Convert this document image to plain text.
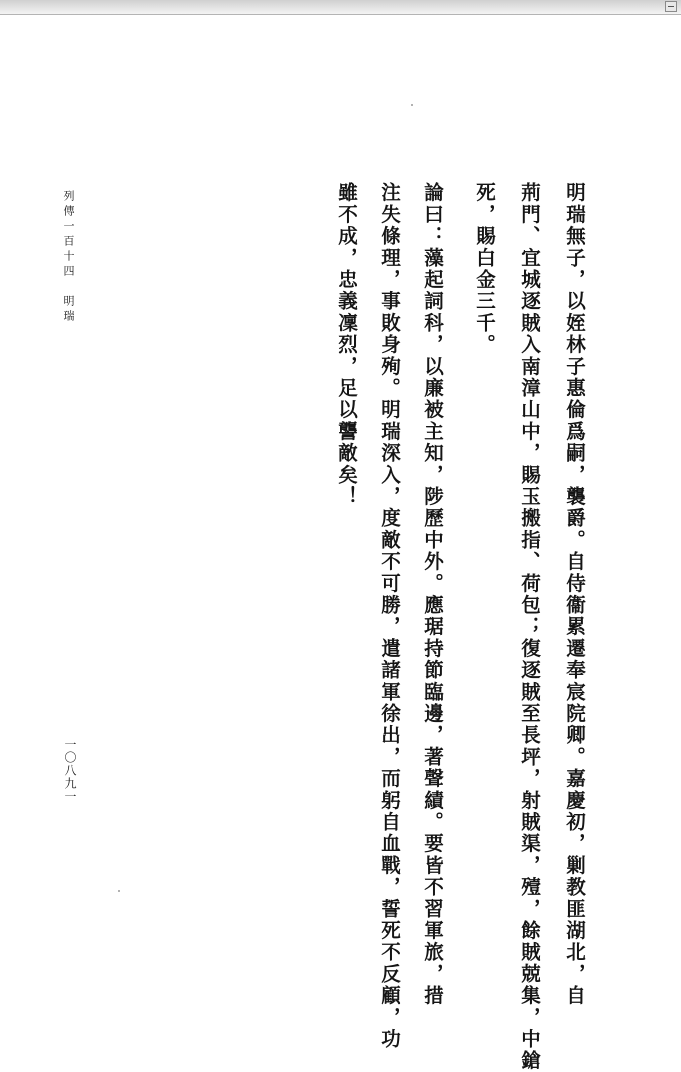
明瑞無子，以姪林子惠倫爲嗣，襲爵。自侍衞累遷奉宸院卿。嘉慶初，剿教匪湖北，自
荊門、宜城逐賊入南漳山中，賜玉搬指、荷包；復逐賊至長坪，射賊渠，殪，餘賊兢集，中鎗
死，賜白金三千。
論曰：藻起詞科，以廉被主知，陟歷中外。應琚持節臨邊，著聲績。要皆不習軍旅，措
注失條理，事敗身殉。明瑞深入，度敵不可勝，遣諸軍徐出，而躬自血戰，誓死不反顧，功
雖不成，忠義凜烈，足以讋敵矣！
列傳一百十四　明瑞
一〇八九一
